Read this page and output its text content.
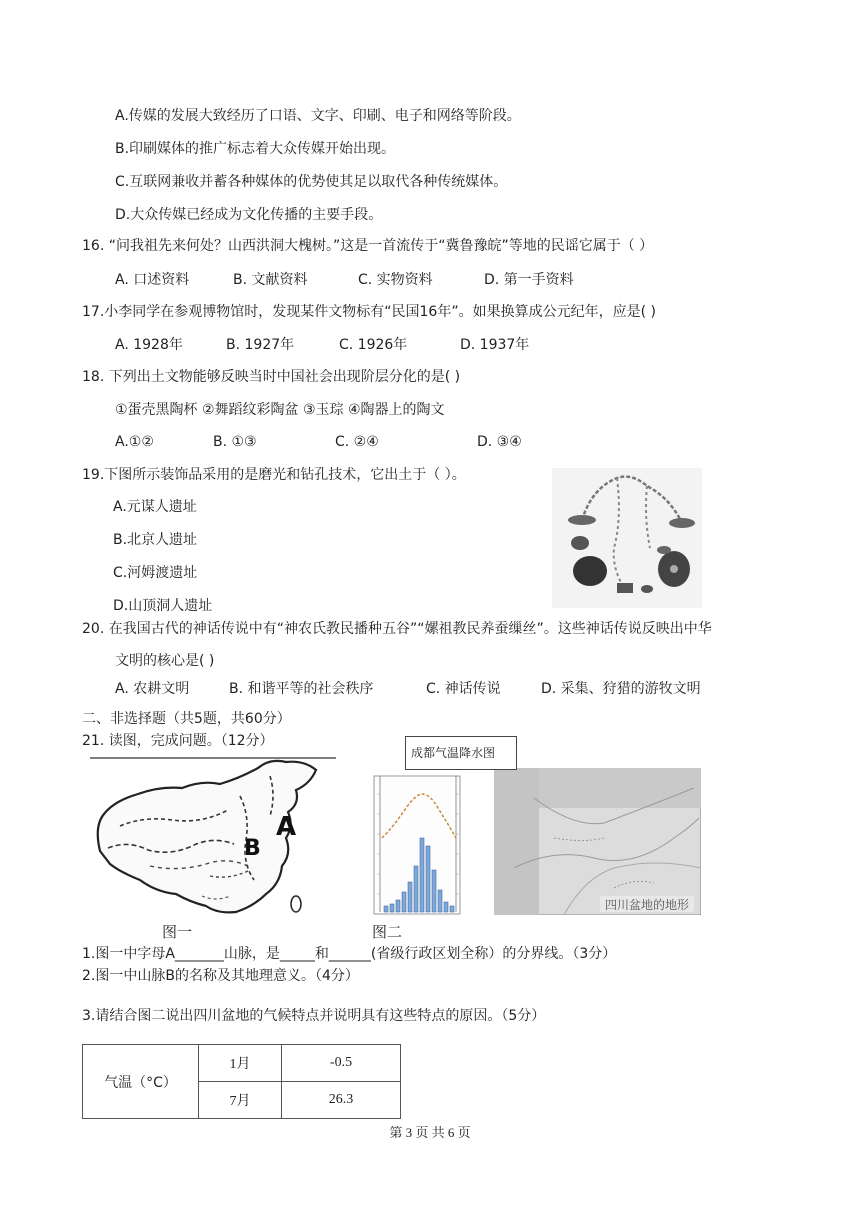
A.传媒的发展大致经历了口语、文字、印刷、电子和网络等阶段。
B.印刷媒体的推广标志着大众传媒开始出现。
C.互联网兼收并蓄各种媒体的优势使其足以取代各种传统媒体。
D.大众传媒已经成为文化传播的主要手段。
16. “问我祖先来何处？山西洪洞大槐树。”这是一首流传于“冀鲁豫皖”等地的民谣它属于（ ）
A. 口述资料	B. 文献资料	C. 实物资料	D. 第一手资料
17.小李同学在参观博物馆时，发现某件文物标有“民国16年”。如果换算成公元纪年，应是( )
A. 1928年	B. 1927年	C. 1926年	D. 1937年
18. 下列出土文物能够反映当时中国社会出现阶层分化的是( )
①蛋壳黑陶杯 ②舞蹈纹彩陶盆 ③玉琮 ④陶器上的陶文
A.①②	B. ①③	C. ②④	D. ③④
19.下图所示装饰品采用的是磨光和钻孔技术，它出土于（ ）。
A.元谋人遗址
B.北京人遗址
C.河姆渡遗址
D.山顶洞人遗址
20. 在我国古代的神话传说中有“神农氏教民播种五谷”“嫘祖教民养蚕缫丝”。这些神话传说反映出中华
文明的核心是( )
A. 农耕文明	B. 和谐平等的社会秩序	C. 神话传说	D. 采集、狩猎的游牧文明
二、非选择题（共5题，共60分）
21. 读图，完成问题。（12分）
A
B
四川盆地的地形
成都气温降水图
图一	图二
1.图一中字母A_______山脉，是_____和______(省级行政区划全称）的分界线。（3分）
2.图一中山脉B的名称及其地理意义。（4分）
3.请结合图二说出四川盆地的气候特点并说明具有这些特点的原因。（5分）
气温（°C）	1月	-0.5
	7月	26.3
第 3 页 共 6 页
